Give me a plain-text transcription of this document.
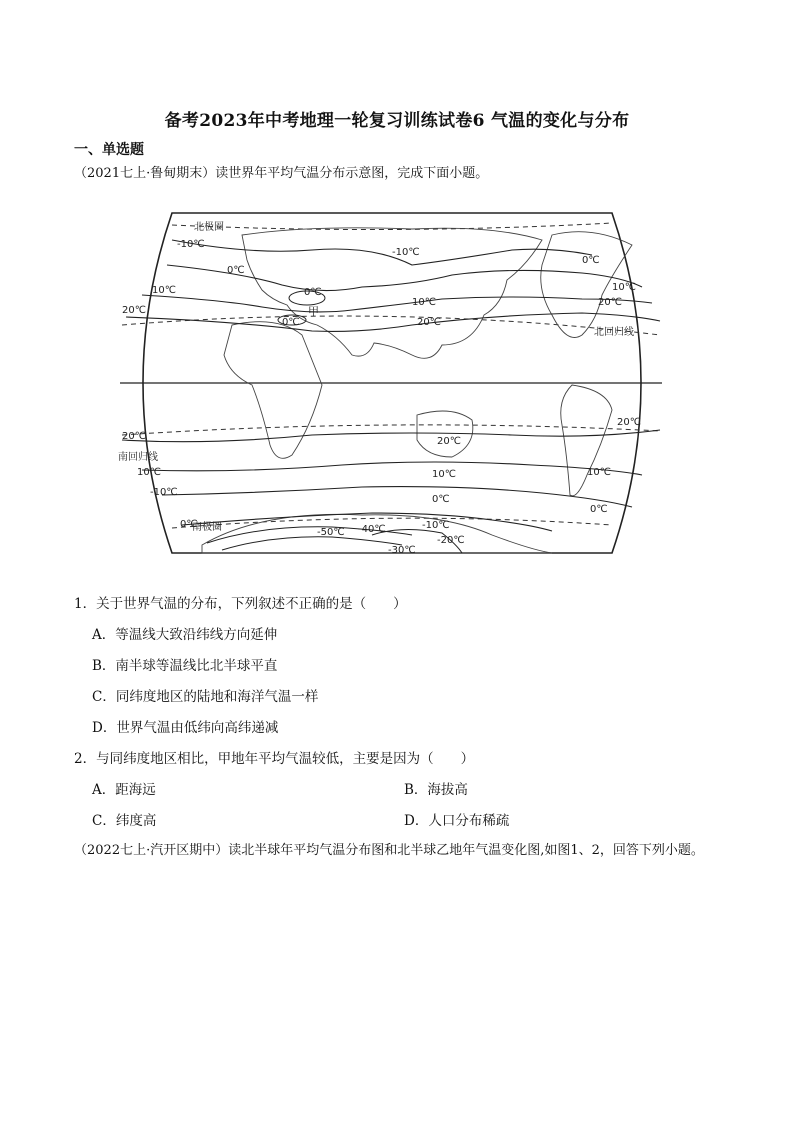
备考2023年中考地理一轮复习训练试卷6 气温的变化与分布
一、单选题
（2021七上·鲁甸期末）读世界年平均气温分布示意图，完成下面小题。
北极圈
北回归线
南回归线
南极圈
甲
-10℃
0℃
10℃
20℃
0℃
0℃
10℃
-10℃
0℃
10℃
20℃
20℃
20℃	20℃
20℃
10℃	10℃	10℃
-10℃
0℃
0℃
0℃	-10℃
-20℃
-30℃
-40℃
-50℃
1．关于世界气温的分布，下列叙述不正确的是（　　）
A．等温线大致沿纬线方向延伸
B．南半球等温线比北半球平直
C．同纬度地区的陆地和海洋气温一样
D．世界气温由低纬向高纬递减
2．与同纬度地区相比，甲地年平均气温较低，主要是因为（　　）
A．距海远	B．海拔高
C．纬度高	D．人口分布稀疏
（2022七上·汽开区期中）读北半球年平均气温分布图和北半球乙地年气温变化图,如图1、2，回答下列小题。
